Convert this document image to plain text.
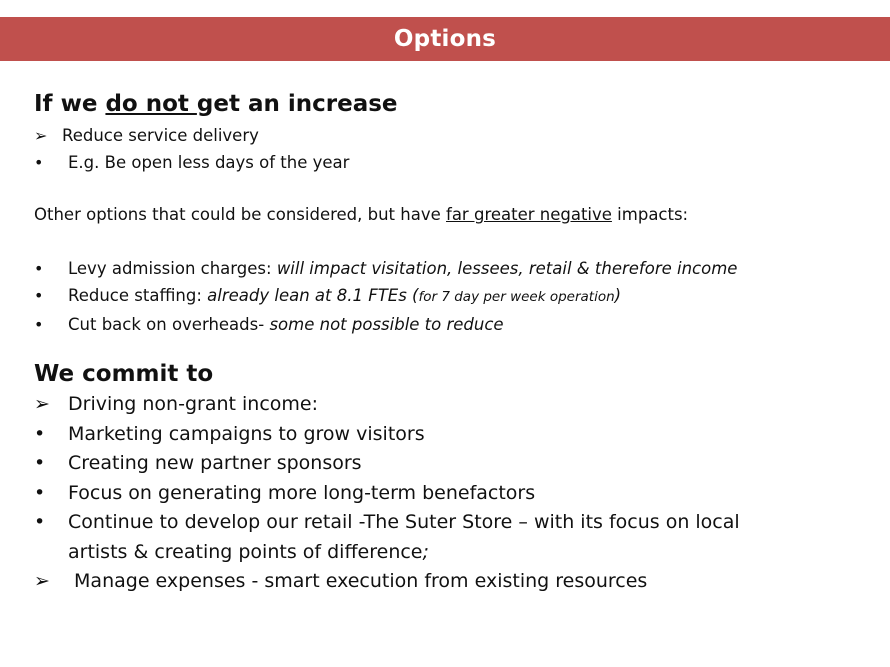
Options

If we do not get an increase

➢ Reduce service delivery
•	E.g. Be open less days of the year
Other options that could be considered, but have far greater negative impacts:
•	Levy admission charges: will impact visitation, lessees, retail & therefore income
•	Reduce staffing: already lean at 8.1 FTEs (for 7 day per week operation)
•	Cut back on overheads- some not possible to reduce

We commit to

➢ Driving non-grant income:
•	Marketing campaigns to grow visitors
•	Creating new partner sponsors
•	Focus on generating more long-term benefactors
•	Continue to develop our retail -The Suter Store – with its focus on local
artists & creating points of difference;
➢ Manage expenses - smart execution from existing resources
